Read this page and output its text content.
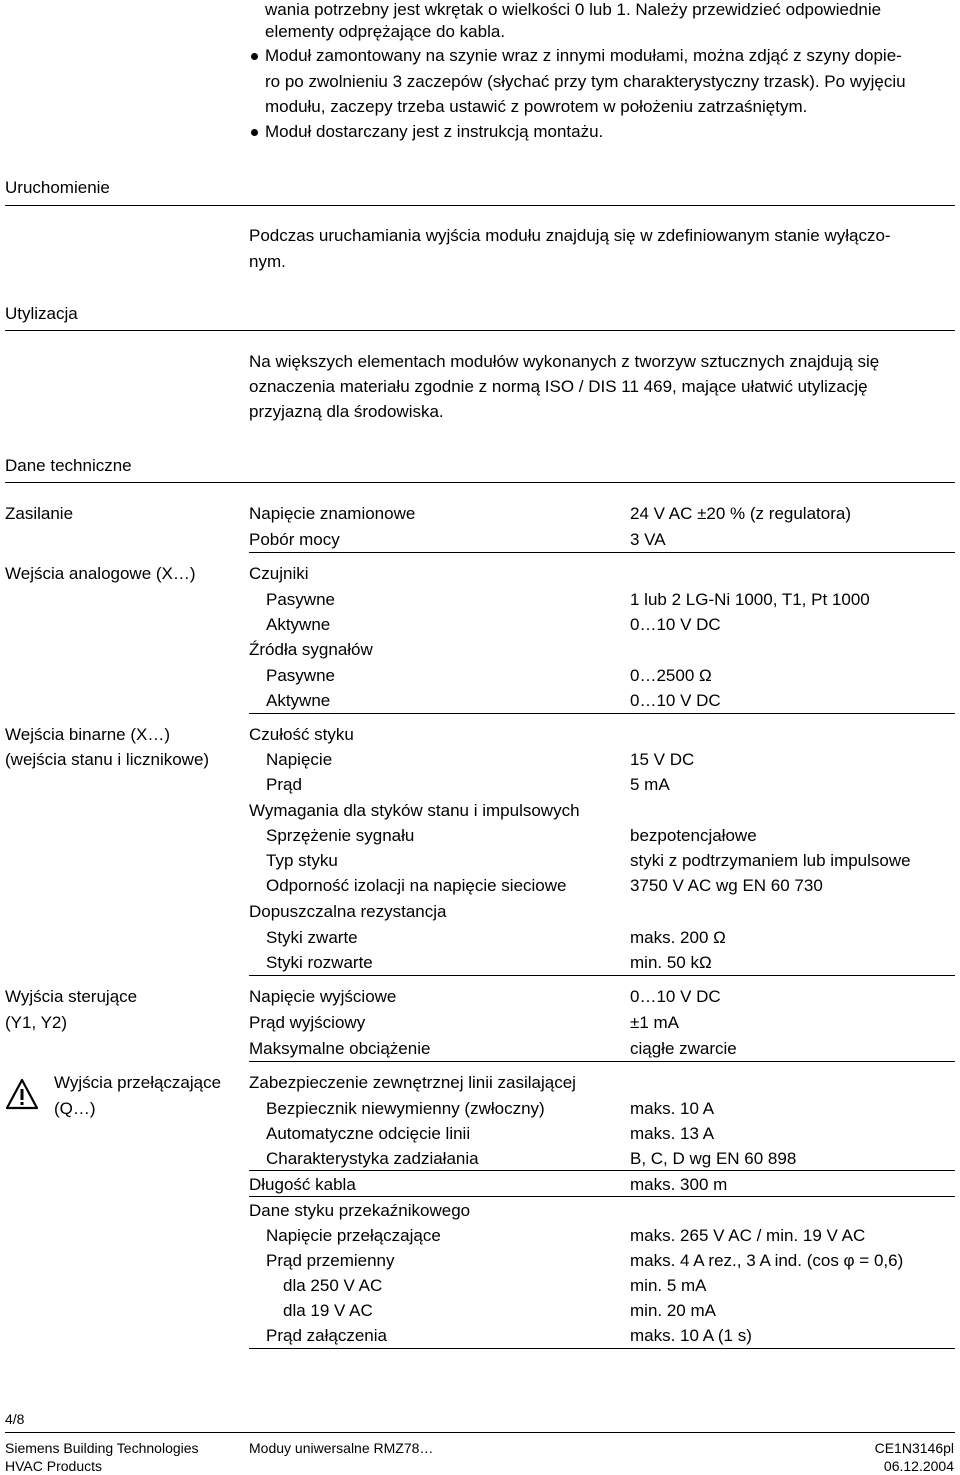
wania potrzebny jest wkrętak o wielkości 0 lub 1. Należy przewidzieć odpowiednie
elementy odprężające do kabla.
Moduł zamontowany na szynie wraz z innymi modułami, można zdjąć z szyny dopie-
ro po zwolnieniu 3 zaczepów (słychać przy tym charakterystyczny trzask). Po wyjęciu
modułu, zaczepy trzeba ustawić z powrotem w położeniu zatrzaśniętym.
Moduł dostarczany jest z instrukcją montażu.
Uruchomienie
Podczas uruchamiania wyjścia modułu znajdują się w zdefiniowanym stanie wyłączo-
nym.
Utylizacja
Na większych elementach modułów wykonanych z tworzyw sztucznych znajdują się
oznaczenia materiału zgodnie z normą ISO / DIS 11 469, mające ułatwić utylizację
przyjazną dla środowiska.
Dane techniczne
Zasilanie	Napięcie znamionowe	24 V AC ±20 % (z regulatora)
Pobór mocy	3 VA
Wejścia analogowe (X…)	Czujniki
Pasywne	1 lub 2 LG-Ni 1000, T1, Pt 1000
Aktywne	0…10 V DC
Źródła sygnałów
Pasywne	0…2500 Ω
Aktywne	0…10 V DC
Wejścia binarne (X…)
(wejścia stanu i licznikowe)
Czułość styku
Napięcie	15 V DC
Prąd	5 mA
Wymagania dla styków stanu i impulsowych
Sprzężenie sygnału	bezpotencjałowe
Typ styku	styki z podtrzymaniem lub impulsowe
Odporność izolacji na napięcie sieciowe	3750 V AC wg EN 60 730
Dopuszczalna rezystancja
Styki zwarte	maks. 200 Ω
Styki rozwarte	min. 50 kΩ
Wyjścia sterujące
(Y1, Y2)
Napięcie wyjściowe	0…10 V DC
Prąd wyjściowy	±1 mA
Maksymalne obciążenie	ciągłe zwarcie
Wyjścia przełączające
(Q…)
Zabezpieczenie zewnętrznej linii zasilającej
Bezpiecznik niewymienny (zwłoczny)	maks. 10 A
Automatyczne odcięcie linii	maks. 13 A
Charakterystyka zadziałania	B, C, D wg EN 60 898
Długość kabla	maks. 300 m
Dane styku przekaźnikowego
Napięcie przełączające	maks. 265 V AC / min. 19 V AC
Prąd przemienny	maks. 4 A rez., 3 A ind. (cos φ = 0,6)
dla 250 V AC	min. 5 mA
dla 19 V AC	min. 20 mA
Prąd załączenia	maks. 10 A (1 s)
4/8
Siemens Building Technologies
HVAC Products
Moduy uniwersalne RMZ78…	CE1N3146pl
06.12.2004
